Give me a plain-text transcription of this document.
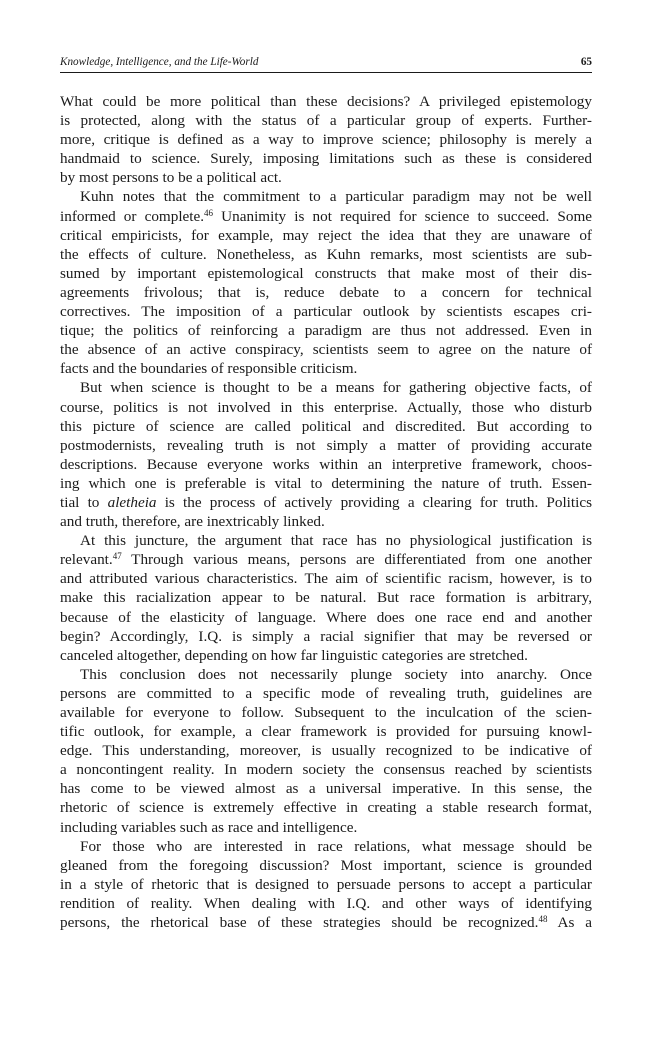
Knowledge, Intelligence, and the Life-World	65

What could be more political than these decisions? A privileged epistemology
is protected, along with the status of a particular group of experts. Further-
more, critique is defined as a way to improve science; philosophy is merely a
handmaid to science. Surely, imposing limitations such as these is considered
by most persons to be a political act.

Kuhn notes that the commitment to a particular paradigm may not be well
informed or complete.$^{46}$ Unanimity is not required for science to succeed. Some
critical empiricists, for example, may reject the idea that they are unaware of
the effects of culture. Nonetheless, as Kuhn remarks, most scientists are sub-
sumed by important epistemological constructs that make most of their dis-
agreements frivolous; that is, reduce debate to a concern for technical
correctives. The imposition of a particular outlook by scientists escapes cri-
tique; the politics of reinforcing a paradigm are thus not addressed. Even in
the absence of an active conspiracy, scientists seem to agree on the nature of
facts and the boundaries of responsible criticism.

But when science is thought to be a means for gathering objective facts, of
course, politics is not involved in this enterprise. Actually, those who disturb
this picture of science are called political and discredited. But according to
postmodernists, revealing truth is not simply a matter of providing accurate
descriptions. Because everyone works within an interpretive framework, choos-
ing which one is preferable is vital to determining the nature of truth. Essen-
tial to aletheia is the process of actively providing a clearing for truth. Politics
and truth, therefore, are inextricably linked.

At this juncture, the argument that race has no physiological justification is
relevant.$^{47}$ Through various means, persons are differentiated from one another
and attributed various characteristics. The aim of scientific racism, however, is to
make this racialization appear to be natural. But race formation is arbitrary,
because of the elasticity of language. Where does one race end and another
begin? Accordingly, I.Q. is simply a racial signifier that may be reversed or
canceled altogether, depending on how far linguistic categories are stretched.

This conclusion does not necessarily plunge society into anarchy. Once
persons are committed to a specific mode of revealing truth, guidelines are
available for everyone to follow. Subsequent to the inculcation of the scien-
tific outlook, for example, a clear framework is provided for pursuing knowl-
edge. This understanding, moreover, is usually recognized to be indicative of
a noncontingent reality. In modern society the consensus reached by scientists
has come to be viewed almost as a universal imperative. In this sense, the
rhetoric of science is extremely effective in creating a stable research format,
including variables such as race and intelligence.

For those who are interested in race relations, what message should be
gleaned from the foregoing discussion? Most important, science is grounded
in a style of rhetoric that is designed to persuade persons to accept a particular
rendition of reality. When dealing with I.Q. and other ways of identifying
persons, the rhetorical base of these strategies should be recognized.$^{48}$ As a
